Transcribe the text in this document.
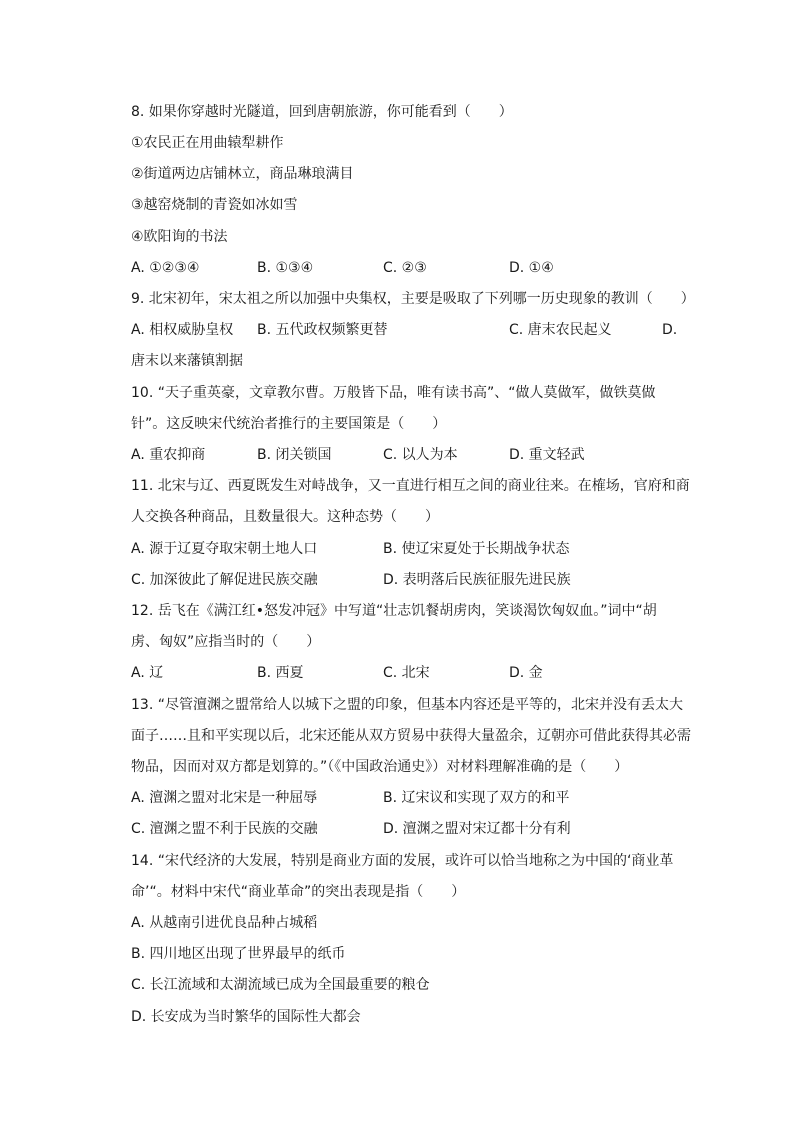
8. 如果你穿越时光隧道，回到唐朝旅游，你可能看到（　　）
①农民正在用曲辕犁耕作
②街道两边店铺林立，商品琳琅满目
③越窑烧制的青瓷如冰如雪
④欧阳询的书法
A. ①②③④	B. ①③④	C. ②③	D. ①④
9. 北宋初年，宋太祖之所以加强中央集权，主要是吸取了下列哪一历史现象的教训（　　）
A. 相权威胁皇权 B. 五代政权频繁更替	C. 唐末农民起义	D.
唐末以来藩镇割据
10. “天子重英豪，文章教尔曹。万般皆下品，唯有读书高”、“做人莫做军，做铁莫做
针”。这反映宋代统治者推行的主要国策是（　　）
A. 重农抑商	B. 闭关锁国	C. 以人为本	D. 重文轻武
11. 北宋与辽、西夏既发生对峙战争，又一直进行相互之间的商业往来。在榷场，官府和商
人交换各种商品，且数量很大。这种态势（　　）
A. 源于辽夏夺取宋朝土地人口	B. 使辽宋夏处于长期战争状态
C. 加深彼此了解促进民族交融	D. 表明落后民族征服先进民族
12. 岳飞在《满江红•怒发冲冠》中写道“壮志饥餐胡虏肉，笑谈渴饮匈奴血。”词中“胡
虏、匈奴”应指当时的（　　）
A. 辽	B. 西夏	C. 北宋	D. 金
13. “尽管澶渊之盟常给人以城下之盟的印象，但基本内容还是平等的，北宋并没有丢太大
面子……且和平实现以后，北宋还能从双方贸易中获得大量盈余，辽朝亦可借此获得其必需
物品，因而对双方都是划算的。”（《中国政治通史》）对材料理解准确的是（　　）
A. 澶渊之盟对北宋是一种屈辱	B. 辽宋议和实现了双方的和平
C. 澶渊之盟不利于民族的交融	D. 澶渊之盟对宋辽都十分有利
14. “宋代经济的大发展，特别是商业方面的发展，或许可以恰当地称之为中国的‘商业革
命’“。材料中宋代“商业革命”的突出表现是指（　　）
A. 从越南引进优良品种占城稻
B. 四川地区出现了世界最早的纸币
C. 长江流域和太湖流域已成为全国最重要的粮仓
D. 长安成为当时繁华的国际性大都会
